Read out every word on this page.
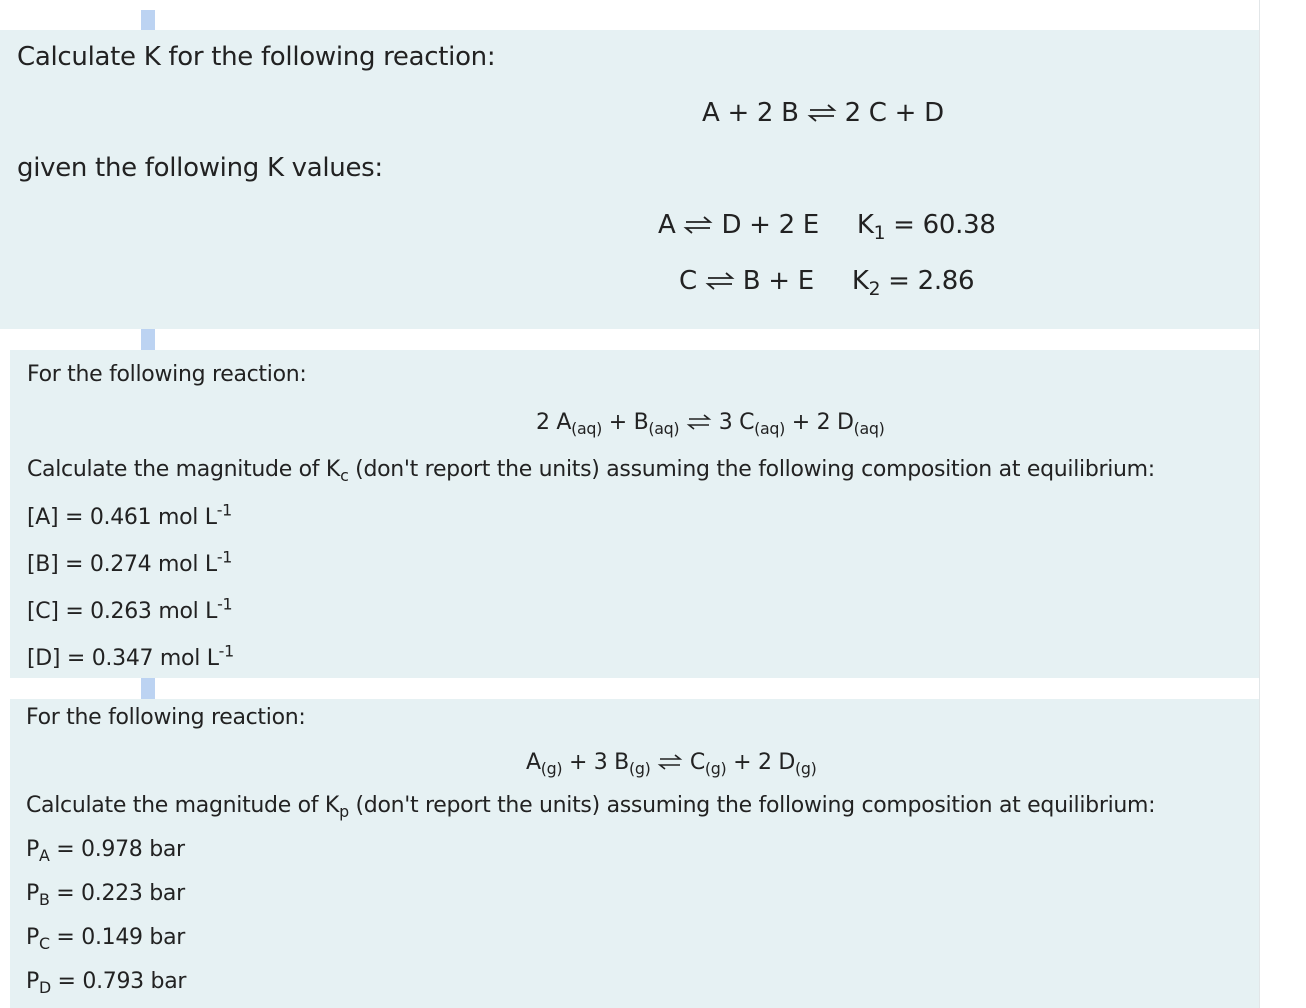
Calculate K for the following reaction:
A + 2 B ⇌ 2 C + D
given the following K values:
A ⇌ D + 2 E $K_1 = 60.38$
C ⇌ B + E $K_2 = 2.86$
For the following reaction:
2 $A_{(aq)} + B_{(aq)}$ ⇌ 3 $C_{(aq)} + 2$ $D_{(aq)}$
Calculate the magnitude of $K_c$ (don't report the units) assuming the following composition at equilibrium:
[A] = 0.461 mol $L^{-1}$
[B] = 0.274 mol $L^{-1}$
[C] = 0.263 mol $L^{-1}$
[D] = 0.347 mol $L^{-1}$
For the following reaction:
$A_{(g)} + 3$ $B_{(g)}$ ⇌ $C_{(g)} + 2$ $D_{(g)}$
Calculate the magnitude of $K_p$ (don't report the units) assuming the following composition at equilibrium:
$P_A = 0.978$ bar
$P_B = 0.223$ bar
$P_C = 0.149$ bar
$P_D = 0.793$ bar
